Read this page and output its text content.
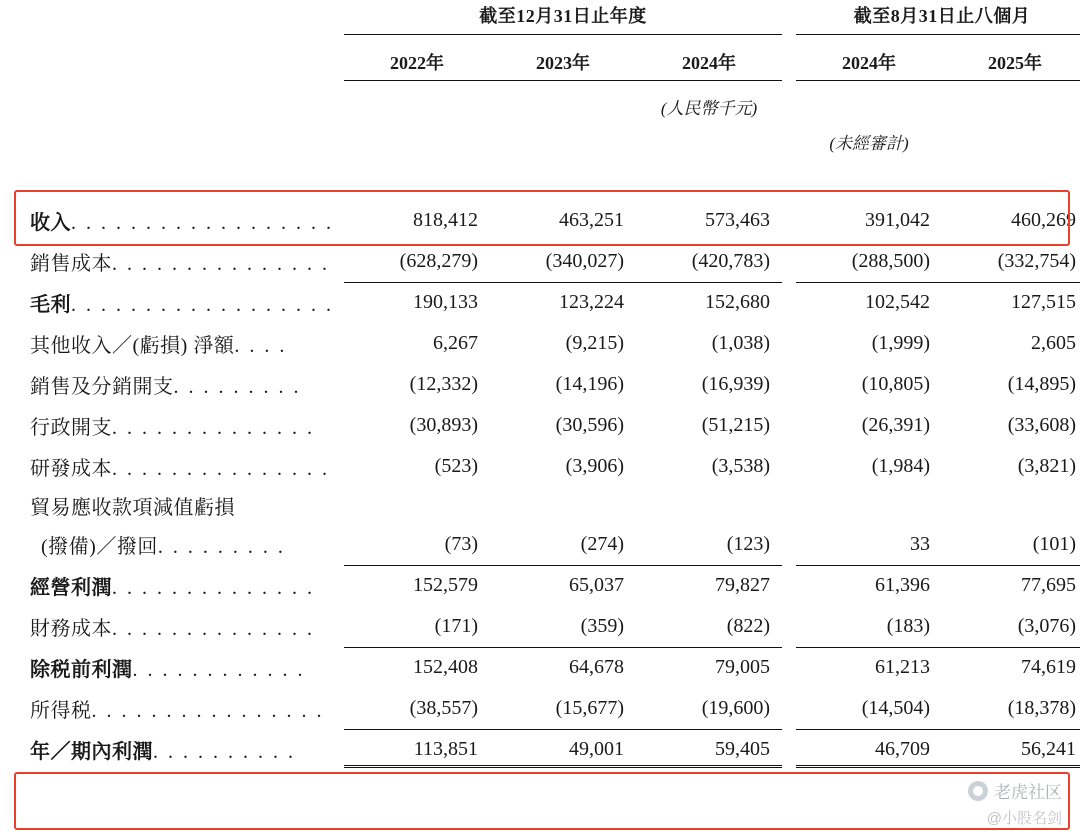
	截至12月31日止年度				截至8月31日止八個月	

	2022年	2023年	2024年		2024年	2025年

			(人民幣千元)			
					(未經審計)	

收入. . . . . . . . . . . . . . . . . .	818,412	463,251	573,463		391,042	460,269
銷售成本. . . . . . . . . . . . . . .	(628,279)	(340,027)	(420,783)		(288,500)	(332,754)
毛利. . . . . . . . . . . . . . . . . .	190,133	123,224	152,680		102,542	127,515
其他收入／(虧損) 淨額. . . .	6,267	(9,215)	(1,038)		(1,999)	2,605
銷售及分銷開支. . . . . . . . .	(12,332)	(14,196)	(16,939)		(10,805)	(14,895)
行政開支. . . . . . . . . . . . . .	(30,893)	(30,596)	(51,215)		(26,391)	(33,608)
研發成本. . . . . . . . . . . . . . .	(523)	(3,906)	(3,538)		(1,984)	(3,821)
貿易應收款項減值虧損						
(撥備)／撥回. . . . . . . . .	(73)	(274)	(123)		33	(101)
經營利潤. . . . . . . . . . . . . .	152,579	65,037	79,827		61,396	77,695
財務成本. . . . . . . . . . . . . .	(171)	(359)	(822)		(183)	(3,076)
除税前利潤. . . . . . . . . . . .	152,408	64,678	79,005		61,213	74,619
所得税. . . . . . . . . . . . . . . .	(38,557)	(15,677)	(19,600)		(14,504)	(18,378)
年／期內利潤. . . . . . . . . .	113,851	49,001	59,405		46,709	56,241
老虎社区
@小股名剑
